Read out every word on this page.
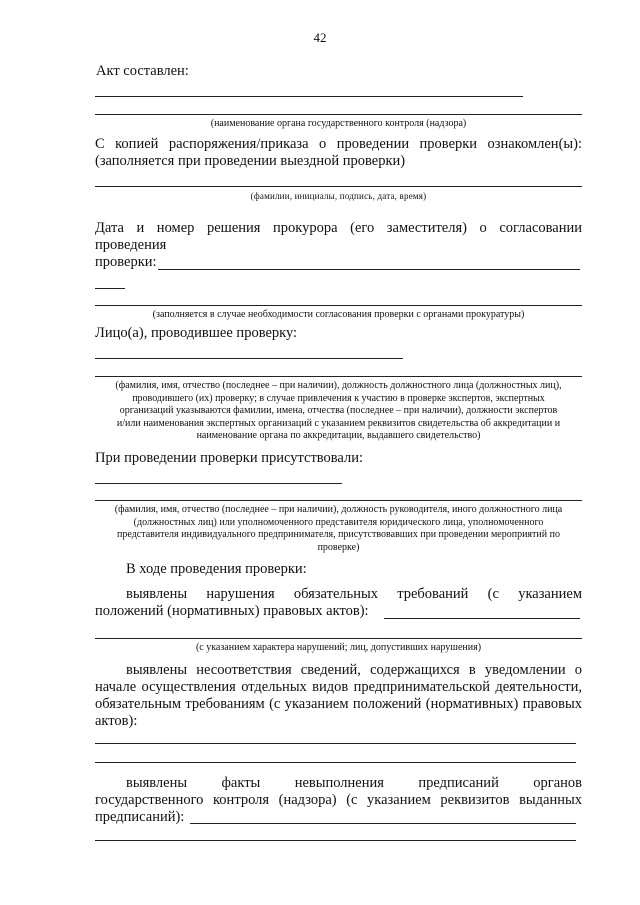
42
Акт составлен:
(наименование органа государственного контроля (надзора)
С копией распоряжения/приказа о проведении проверки ознакомлен(ы):
(заполняется при проведении выездной проверки)
(фамилии, инициалы, подпись, дата, время)
Дата и номер решения прокурора (его заместителя) о согласовании
проведения
проверки:
(заполняется в случае необходимости согласования проверки с органами прокуратуры)
Лицо(а), проводившее проверку:
(фамилия, имя, отчество (последнее – при наличии), должность должностного лица (должностных лиц),
проводившего (их) проверку; в случае привлечения к участию в проверке экспертов, экспертных
организаций указываются фамилии, имена, отчества (последнее – при наличии), должности экспертов
и/или наименования экспертных организаций с указанием реквизитов свидетельства об аккредитации и
наименование органа по аккредитации, выдавшего свидетельство)
При проведении проверки присутствовали:
(фамилия, имя, отчество (последнее – при наличии), должность руководителя, иного должностного лица
(должностных лиц) или уполномоченного представителя юридического лица, уполномоченного
представителя индивидуального предпринимателя, присутствовавших при проведении мероприятий по
проверке)
В ходе проведения проверки:
выявлены нарушения обязательных требований (с указанием
положений (нормативных) правовых актов):
(с указанием характера нарушений; лиц, допустивших нарушения)
выявлены несоответствия сведений, содержащихся в уведомлении о
начале осуществления отдельных видов предпринимательской деятельности,
обязательным требованиям (с указанием положений (нормативных) правовых
актов):
выявлены факты невыполнения предписаний органов
государственного контроля (надзора) (с указанием реквизитов выданных
предписаний):
